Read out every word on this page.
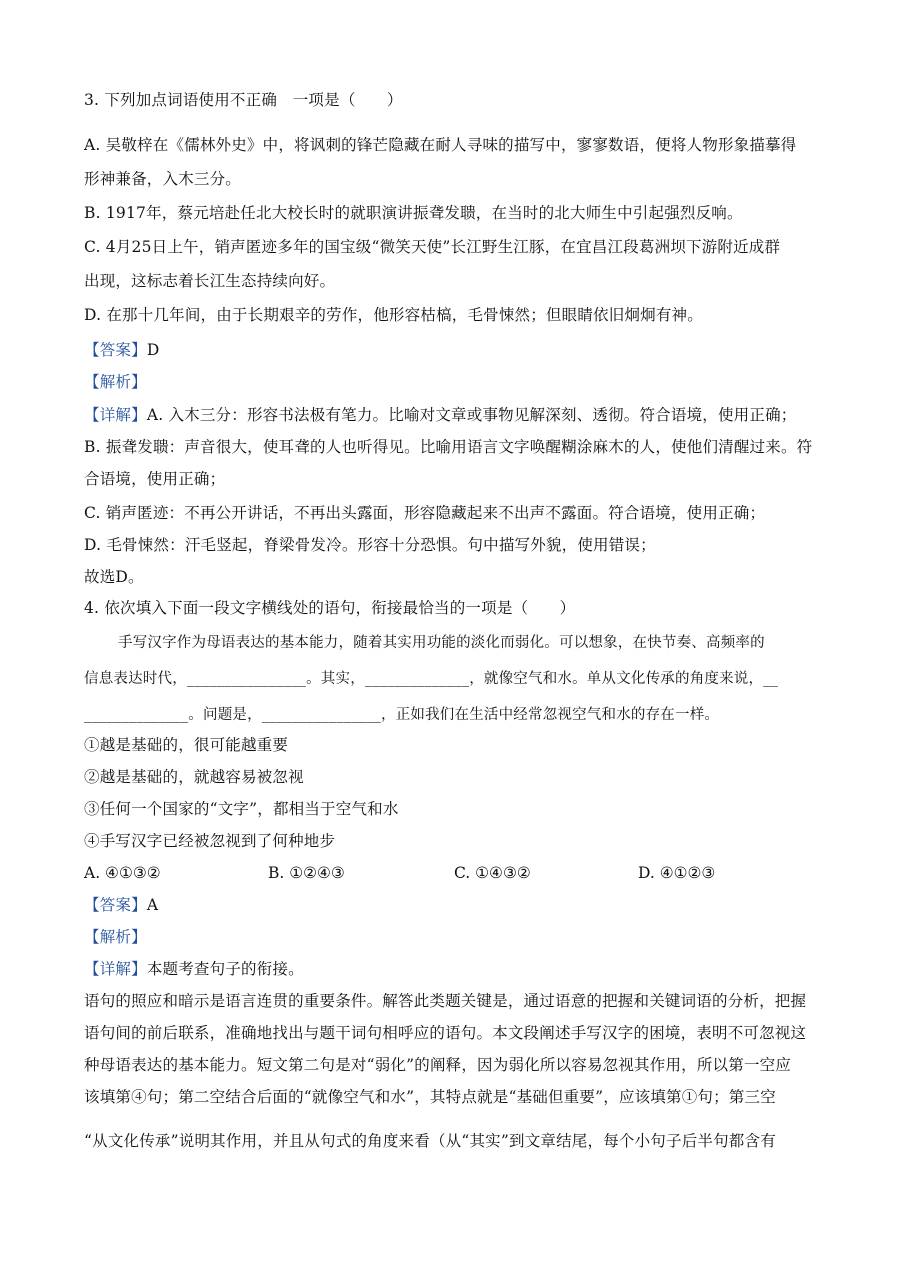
3. 下列加点词语使用不正确　一项是（　　）
A. 吴敬梓在《儒林外史》中，将讽刺的锋芒隐藏在耐人寻味的描写中，寥寥数语，便将人物形象描摹得
形神兼备，入木三分。
B. 1917年，蔡元培赴任北大校长时的就职演讲振聋发聩，在当时的北大师生中引起强烈反响。
C. 4月25日上午，销声匿迹多年的国宝级“微笑天使”长江野生江豚，在宜昌江段葛洲坝下游附近成群
出现，这标志着长江生态持续向好。
D. 在那十几年间，由于长期艰辛的劳作，他形容枯槁，毛骨悚然；但眼睛依旧炯炯有神。
【答案】D
【解析】
【详解】A. 入木三分：形容书法极有笔力。比喻对文章或事物见解深刻、透彻。符合语境，使用正确；
B. 振聋发聩：声音很大，使耳聋的人也听得见。比喻用语言文字唤醒糊涂麻木的人，使他们清醒过来。符
合语境，使用正确；
C. 销声匿迹：不再公开讲话，不再出头露面，形容隐藏起来不出声不露面。符合语境，使用正确；
D. 毛骨悚然：汗毛竖起，脊梁骨发冷。形容十分恐惧。句中描写外貌，使用错误；
故选D。
4. 依次填入下面一段文字横线处的语句，衔接最恰当的一项是（　　）
手写汉字作为母语表达的基本能力，随着其实用功能的淡化而弱化。可以想象，在快节奏、高频率的
信息表达时代，________________。其实，______________，就像空气和水。单从文化传承的角度来说，__
______________。问题是，________________，正如我们在生活中经常忽视空气和水的存在一样。
①越是基础的，很可能越重要
②越是基础的，就越容易被忽视
③任何一个国家的“文字”，都相当于空气和水
④手写汉字已经被忽视到了何种地步
A. ④①③②	B. ①②④③	C. ①④③②	D. ④①②③
【答案】A
【解析】
【详解】本题考查句子的衔接。
语句的照应和暗示是语言连贯的重要条件。解答此类题关键是，通过语意的把握和关键词语的分析，把握
语句间的前后联系，准确地找出与题干词句相呼应的语句。本文段阐述手写汉字的困境，表明不可忽视这
种母语表达的基本能力。短文第二句是对“弱化”的阐释，因为弱化所以容易忽视其作用，所以第一空应
该填第④句；第二空结合后面的“就像空气和水”，其特点就是“基础但重要”，应该填第①句；第三空
“从文化传承”说明其作用，并且从句式的角度来看（从“其实”到文章结尾，每个小句子后半句都含有
